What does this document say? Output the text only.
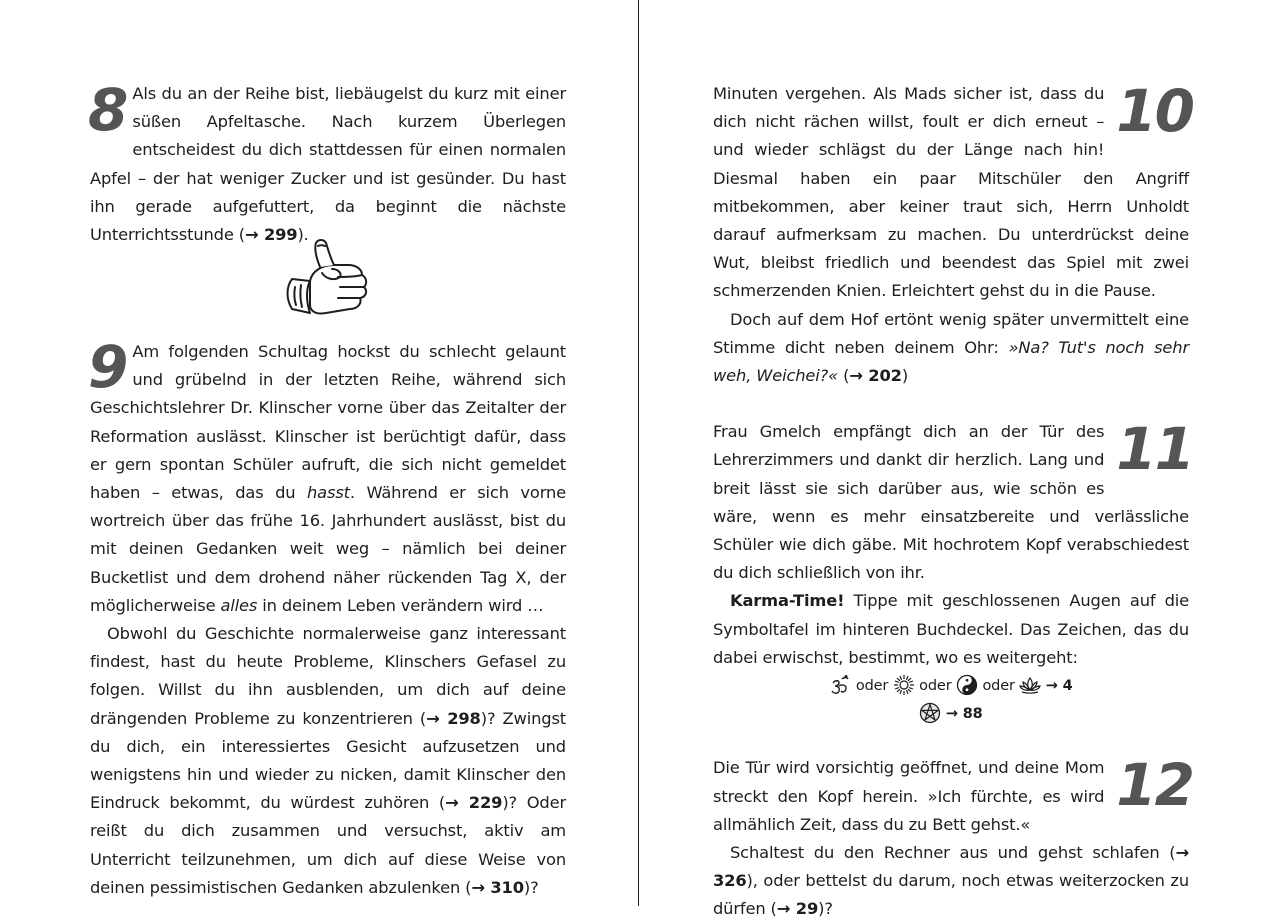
8 Als du an der Reihe bist, liebäugelst du kurz mit einer süßen Apfeltasche. Nach kurzem Überlegen entscheidest du dich stattdessen für einen normalen Apfel – der hat weniger Zucker und ist gesünder. Du hast ihn gerade aufgefuttert, da beginnt die nächste Unterrichtsstunde (→ 299).

9 Am folgenden Schultag hockst du schlecht gelaunt und grübelnd in der letzten Reihe, während sich Geschichtslehrer Dr. Klinscher vorne über das Zeitalter der Reformation auslässt. Klinscher ist berüchtigt dafür, dass er gern spontan Schüler aufruft, die sich nicht gemeldet haben – etwas, das du hasst. Während er sich vorne wortreich über das frühe 16. Jahrhundert auslässt, bist du mit deinen Gedanken weit weg – nämlich bei deiner Bucketlist und dem drohend näher rückenden Tag X, der möglicherweise alles in deinem Leben verändern wird …

Obwohl du Geschichte normalerweise ganz interessant findest, hast du heute Probleme, Klinschers Gefasel zu folgen. Willst du ihn ausblenden, um dich auf deine drängenden Probleme zu konzentrieren (→ 298)? Zwingst du dich, ein interessiertes Gesicht aufzusetzen und wenigstens hin und wieder zu nicken, damit Klinscher den Eindruck bekommt, du würdest zuhören (→ 229)? Oder reißt du dich zusammen und versuchst, aktiv am Unterricht teilzunehmen, um dich auf diese Weise von deinen pessimistischen Gedanken abzulenken (→ 310)?

10

Minuten vergehen. Als Mads sicher ist, dass du dich nicht rächen willst, foult er dich erneut – und wieder schlägst du der Länge nach hin! Diesmal haben ein paar Mitschüler den Angriff mitbekommen, aber keiner traut sich, Herrn Unholdt darauf aufmerksam zu machen. Du unterdrückst deine Wut, bleibst friedlich und beendest das Spiel mit zwei schmerzenden Knien. Erleichtert gehst du in die Pause.

Doch auf dem Hof ertönt wenig später unvermittelt eine Stimme dicht neben deinem Ohr: »Na? Tut's noch sehr weh, Weichei?« (→ 202)

11

Frau Gmelch empfängt dich an der Tür des Lehrerzimmers und dankt dir herzlich. Lang und breit lässt sie sich darüber aus, wie schön es wäre, wenn es mehr einsatzbereite und verlässliche Schüler wie dich gäbe. Mit hochrotem Kopf verabschiedest du dich schließlich von ihr.

Karma-Time! Tippe mit geschlossenen Augen auf die Symboltafel im hinteren Buchdeckel. Das Zeichen, das du dabei erwischst, bestimmt, wo es weitergeht:

oder oder oder → 4
→ 88
12

Die Tür wird vorsichtig geöffnet, und deine Mom streckt den Kopf herein. »Ich fürchte, es wird allmählich Zeit, dass du zu Bett gehst.«

Schaltest du den Rechner aus und gehst schlafen (→ 326), oder bettelst du darum, noch etwas weiterzocken zu dürfen (→ 29)?
